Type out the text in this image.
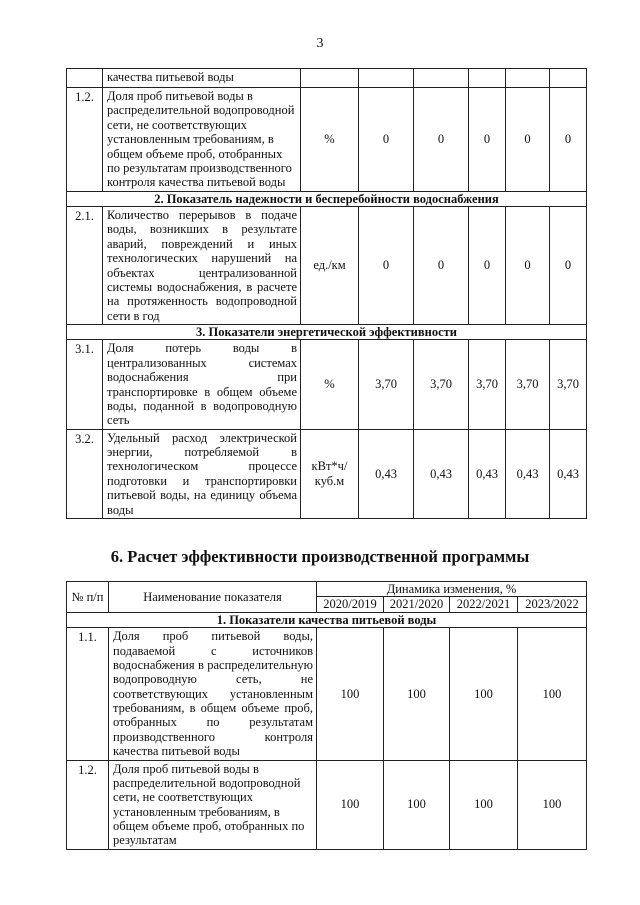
3
	качества питьевой воды						
1.2.	Доля проб питьевой воды в распределительной водопроводной сети, не соответствующих установленным требованиям, в общем объеме проб, отобранных по результатам производственного контроля качества питьевой воды	%	0	0	0	0	0
2. Показатель надежности и бесперебойности водоснабжения							
2.1.	Количество перерывов в подаче воды, возникших в результате аварий, повреждений и иных технологических нарушений на объектах централизованной системы водоснабжения, в расчете на протяженность водопроводной сети в год	ед./км	0	0	0	0	0
3. Показатели энергетической эффективности							
3.1.	Доля потерь воды в централизованных системах водоснабжения при транспортировке в общем объеме воды, поданной в водопроводную сеть	%	3,70	3,70	3,70	3,70	3,70
3.2.	Удельный расход электрической энергии, потребляемой в технологическом процессе подготовки и транспортировки питьевой воды, на единицу объема воды	кВт*ч/ куб.м	0,43	0,43	0,43	0,43	0,43
6. Расчет эффективности производственной программы
№ п/п	Наименование показателя	Динамика изменения, %			
		2020/2019	2021/2020	2022/2021	2023/2022
1. Показатели качества питьевой воды					
1.1.	Доля проб питьевой воды, подаваемой с источников водоснабжения в распределительную водопроводную сеть, не соответствующих установленным требованиям, в общем объеме проб, отобранных по результатам производственного контроля качества питьевой воды	100	100	100	100
1.2.	Доля проб питьевой воды в распределительной водопроводной сети, не соответствующих установленным требованиям, в общем объеме проб, отобранных по результатам	100	100	100	100
